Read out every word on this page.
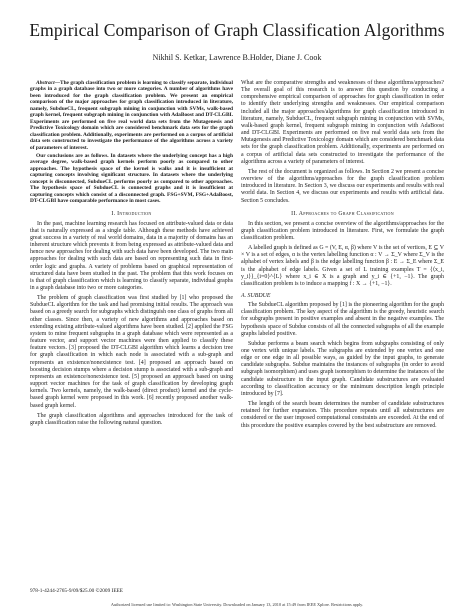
Empirical Comparison of Graph Classification Algorithms
Nikhil S. Ketkar, Lawrence B.Holder, Diane J. Cook

Abstract—The graph classification problem is learning to classify separate, individual graphs in a graph database into two or more categories. A number of algorithms have been introduced for the graph classification problem. We present an empirical comparison of the major approaches for graph classification introduced in literature, namely, SubdueCL, frequent subgraph mining in conjunction with SVMs, walk-based graph kernel, frequent subgraph mining in conjunction with AdaBoost and DT-CLGBI. Experiments are performed on five real world data sets from the Mutagenesis and Predictive Toxicology domain which are considered benchmark data sets for the graph classification problem. Additionally, experiments are performed on a corpus of artificial data sets constructed to investigate the performance of the algorithms across a variety of parameters of interest.

Our conclusions are as follows. In datasets where the underlying concept has a high average degree, walk-based graph kernels perform poorly as compared to other approaches. The hypothesis space of the kernel is walks and it is insufficient at capturing concepts involving significant structure. In datasets where the underlying concept is disconnected, SubdueCL performs poorly as compared to other approaches. The hypothesis space of SubdueCL is connected graphs and it is insufficient at capturing concepts which consist of a disconnected graph. FSG+SVM, FSG+AdaBoost, DT-CLGBI have comparable performance in most cases.

I. Introduction

In the past, machine learning research has focused on attribute-valued data or data that is naturally expressed as a single table. Although these methods have achieved great success in a variety of real world domains, data in a majority of domains has an inherent structure which prevents it from being expressed as attribute-valued data and hence new approaches for dealing with such data have been developed. The two main approaches for dealing with such data are based on representing such data in first-order logic and graphs. A variety of problems based on graphical representation of structured data have been studied in the past. The problem that this work focuses on is that of graph classification which is learning to classify separate, individual graphs in a graph database into two or more categories.

The problem of graph classification was first studied by [1] who proposed the SubdueCL algorithm for the task and had promising initial results. The approach was based on a greedy search for subgraphs which distinguish one class of graphs from all other classes. Since then, a variety of new algorithms and approaches based on extending existing attribute-valued algorithms have been studied. [2] applied the FSG system to mine frequent subgraphs in a graph database which were represented as a feature vector, and support vector machines were then applied to classify these feature vectors. [3] proposed the DT-CLGBI algorithm which learns a decision tree for graph classification in which each node is associated with a sub-graph and represents an existence/nonexistence test. [4] proposed an approach based on boosting decision stumps where a decision stump is associated with a sub-graph and represents an existence/nonexistence test. [5] proposed an approach based on using support vector machines for the task of graph classification by developing graph kernels. Two kernels, namely, the walk-based (direct product) kernel and the cycle-based graph kernel were proposed in this work. [6] recently proposed another walk-based graph kernel.

The graph classification algorithms and approaches introduced for the task of graph classification raise the following natural question.

What are the comparative strengths and weaknesses of these algorithms/approaches? The overall goal of this research is to answer this question by conducting a comprehensive empirical comparison of approaches for graph classification in order to identify their underlying strengths and weaknesses. Our empirical comparison included all the major approaches/algorithms for graph classification introduced in literature, namely, SubdueCL, frequent subgraph mining in conjunction with SVMs, walk-based graph kernel, frequent subgraph mining in conjunction with AdaBoost and DT-CLGBI. Experiments are performed on five real world data sets from the Mutagenesis and Predictive Toxicology domain which are considered benchmark data sets for the graph classification problem. Additionally, experiments are performed on a corpus of artificial data sets constructed to investigate the performance of the algorithms across a variety of parameters of interest.

The rest of the document is organized as follows. In Section 2 we present a concise overview of the algorithms/approaches for the graph classification problem introduced in literature. In Section 3, we discuss our experiments and results with real world data. In Section 4, we discuss our experiments and results with artificial data. Section 5 concludes.

II. Approaches to Graph Classification

In this section, we present a concise overview of the algorithms/approaches for the graph classification problem introduced in literature. First, we formulate the graph classification problem.

A labelled graph is defined as G = (V, E, α, β) where V is the set of vertices, E ⊆ V × V is a set of edges, α is the vertex labelling function α : V → Σ_V where Σ_V is the alphabet of vertex labels and β is the edge labelling function β : E → Σ_E where Σ_E is the alphabet of edge labels. Given a set of L training examples T = {⟨x_i, y_i⟩}_{i=0}^{L} where x_i ∈ X is a graph and y_i ∈ {+1, −1}. The graph classification problem is to induce a mapping f : X → {+1, −1}.

A. SUBDUE

The SubdueCL algorithm proposed by [1] is the pioneering algorithm for the graph classification problem. The key aspect of the algorithm is the greedy, heuristic search for subgraphs present in positive examples and absent in the negative examples. The hypothesis space of Subdue consists of all the connected subgraphs of all the example graphs labeled positive.

Subdue performs a beam search which begins from subgraphs consisting of only one vertex with unique labels. The subgraphs are extended by one vertex and one edge or one edge in all possible ways, as guided by the input graphs, to generate candidate subgraphs. Subdue maintains the instances of subgraphs (in order to avoid subgraph isomorphism) and uses graph isomorphism to determine the instances of the candidate substructure in the input graph. Candidate substructures are evaluated according to classification accuracy or the minimum description length principle introduced by [7].

The length of the search beam determines the number of candidate substructures retained for further expansion. This procedure repeats until all substructures are considered or the user imposed computational constraints are exceeded. At the end of this procedure the positive examples covered by the best substructure are removed.

978-1-4244-2765-9/09/$25.00 ©2009 IEEE
Authorized licensed use limited to: Washington State University. Downloaded on January 13, 2010 at 15:49 from IEEE Xplore. Restrictions apply.
